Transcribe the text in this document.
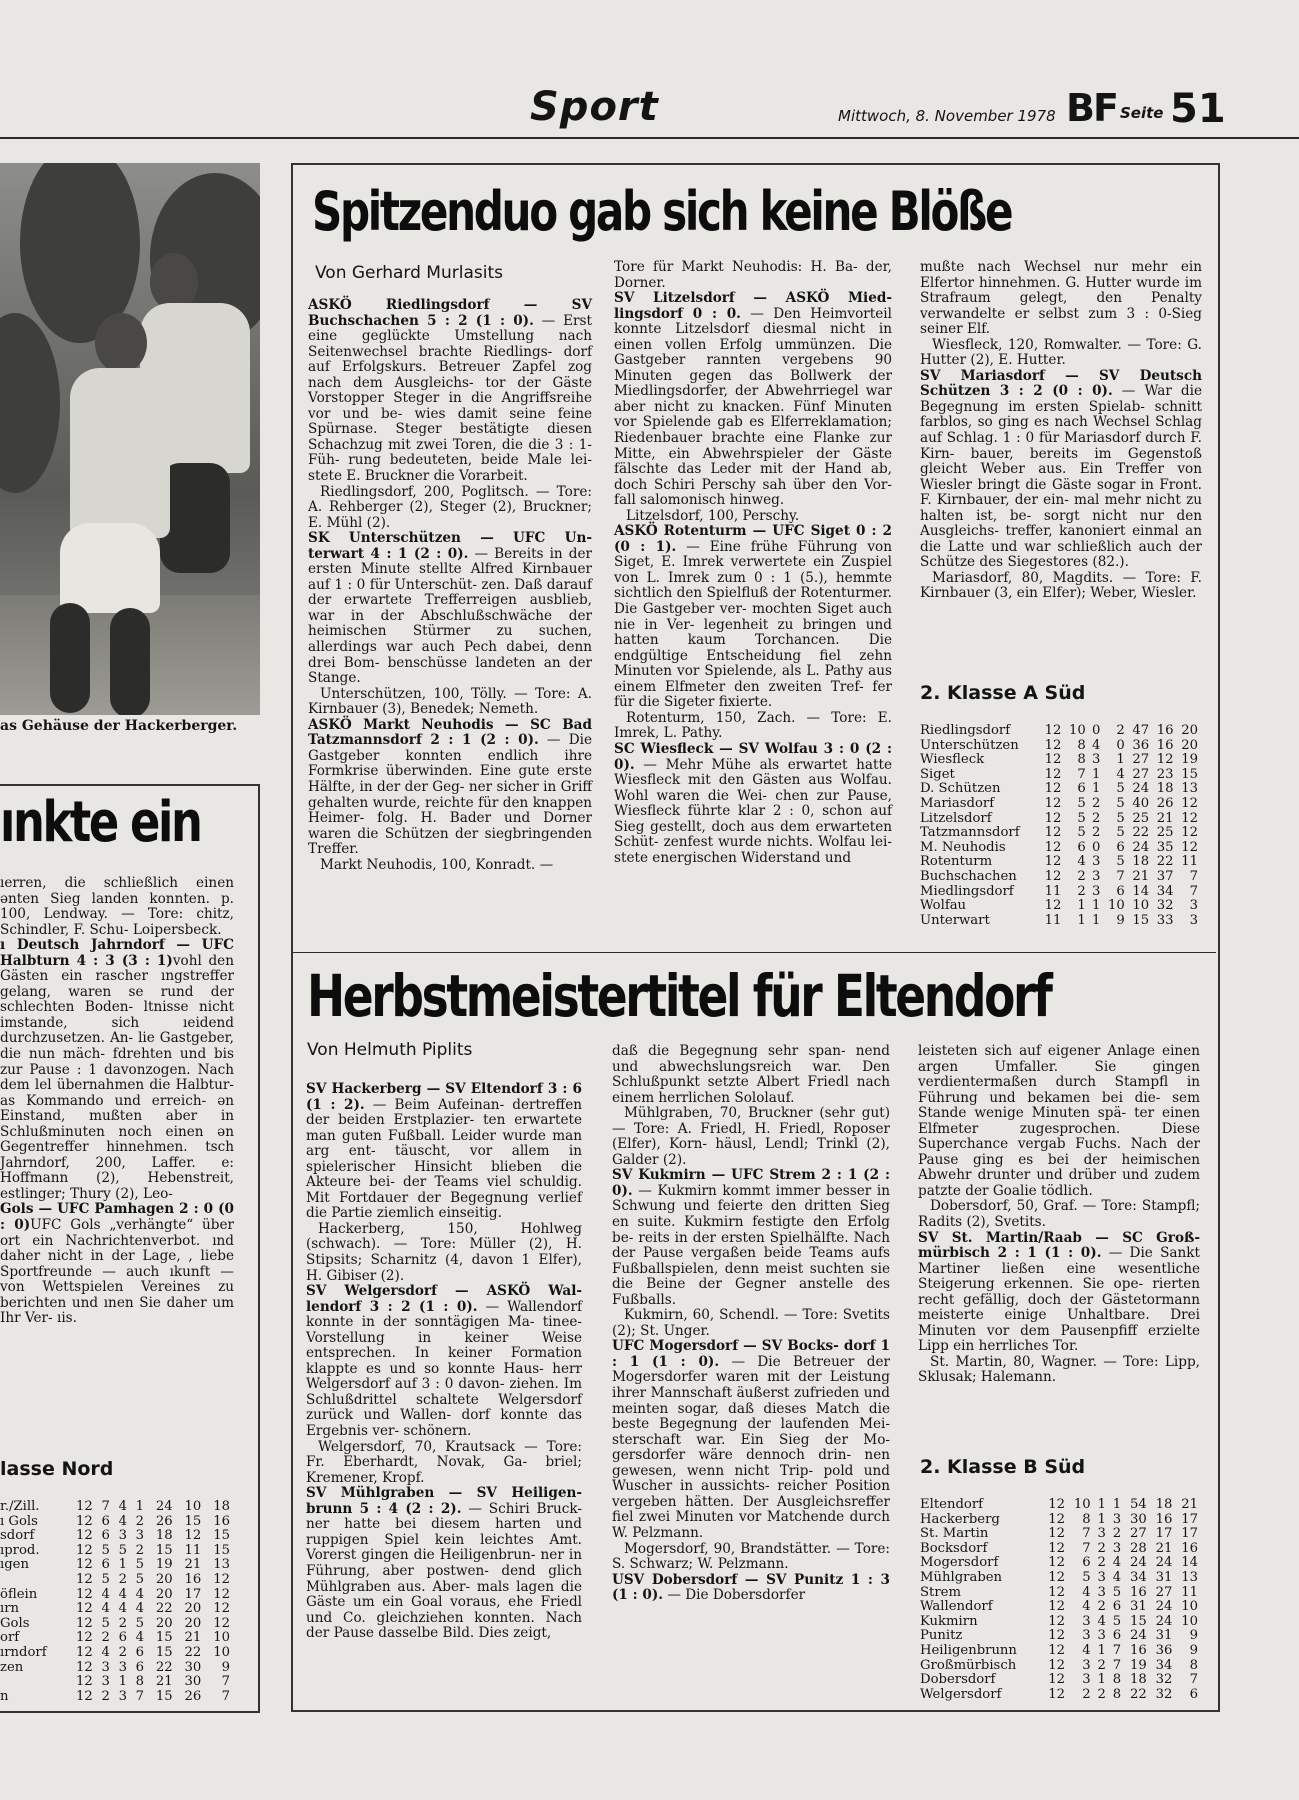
Sport	Mittwoch, 8. November 1978 BF Seite 51
as Gehäuse der Hackerberger.
ınkte ein

ıerren, die schließlich einen ənten Sieg landen konnten. p. 100, Lendway. — Tore: chitz, Schindler, F. Schu- Loipersbeck.

ı Deutsch Jahrndorf — UFC Halbturn 4 : 3 (3 : 1)vohl den Gästen ein rascher ıngstreffer gelang, waren se rund der schlechten Boden- ltnisse nicht imstande, sich ıeidend durchzusetzen. An- lie Gastgeber, die nun mäch- fdrehten und bis zur Pause : 1 davonzogen. Nach dem lel übernahmen die Halbtur- as Kommando und erreich- ən Einstand, mußten aber in Schlußminuten noch einen ən Gegentreffer hinnehmen. tsch Jahrndorf, 200, Laffer. e: Hoffmann (2), Hebenstreit, estlinger; Thury (2), Leo-

Gols — UFC Pamhagen 2 : 0 (0 : 0)UFC Gols „verhängte“ über ort ein Nachrichtenverbot. ınd daher nicht in der Lage, , liebe Sportfreunde — auch ıkunft — von Wettspielen Vereines zu berichten und ınen Sie daher um Ihr Ver- ıis.

lasse Nord
r./Zill.	12	7	4	1	24	10	18
ı Gols	12	6	4	2	26	15	16
sdorf	12	6	3	3	18	12	15
ıprod.	12	5	5	2	15	11	15
ıgen	12	6	1	5	19	21	13
	12	5	2	5	20	16	12
öflein	12	4	4	4	20	17	12
ırn	12	4	4	4	22	20	12
Gols	12	5	2	5	20	20	12
orf	12	2	6	4	15	21	10
ırndorf	12	4	2	6	15	22	10
zen	12	3	3	6	22	30	9
	12	3	1	8	21	30	7
n	12	2	3	7	15	26	7
Spitzenduo gab sich keine Blöße
Von Gerhard Murlasits

ASKÖ Riedlingsdorf — SV Buchschachen 5 : 2 (1 : 0). — Erst eine geglückte Umstellung nach Seitenwechsel brachte Riedlings- dorf auf Erfolgskurs. Betreuer Zapfel zog nach dem Ausgleichs- tor der Gäste Vorstopper Steger in die Angriffsreihe vor und be- wies damit seine feine Spürnase. Steger bestätigte diesen Schachzug mit zwei Toren, die die 3 : 1-Füh- rung bedeuteten, beide Male lei- stete E. Bruckner die Vorarbeit.

Riedlingsdorf, 200, Poglitsch. — Tore: A. Rehberger (2), Steger (2), Bruckner; E. Mühl (2).

SK Unterschützen — UFC Un- terwart 4 : 1 (2 : 0). — Bereits in der ersten Minute stellte Alfred Kirnbauer auf 1 : 0 für Unterschüt- zen. Daß darauf der erwartete Trefferreigen ausblieb, war in der Abschlußschwäche der heimischen Stürmer zu suchen, allerdings war auch Pech dabei, denn drei Bom- benschüsse landeten an der Stange.

Unterschützen, 100, Tölly. — Tore: A. Kirnbauer (3), Benedek; Nemeth.

ASKÖ Markt Neuhodis — SC Bad Tatzmannsdorf 2 : 1 (2 : 0). — Die Gastgeber konnten endlich ihre Formkrise überwinden. Eine gute erste Hälfte, in der der Geg- ner sicher in Griff gehalten wurde, reichte für den knappen Heimer- folg. H. Bader und Dorner waren die Schützen der siegbringenden Treffer.

Markt Neuhodis, 100, Konradt. —

Tore für Markt Neuhodis: H. Ba- der, Dorner.

SV Litzelsdorf — ASKÖ Mied- lingsdorf 0 : 0. — Den Heimvorteil konnte Litzelsdorf diesmal nicht in einen vollen Erfolg ummünzen. Die Gastgeber rannten vergebens 90 Minuten gegen das Bollwerk der Miedlingsdorfer, der Abwehrriegel war aber nicht zu knacken. Fünf Minuten vor Spielende gab es Elferreklamation; Riedenbauer brachte eine Flanke zur Mitte, ein Abwehrspieler der Gäste fälschte das Leder mit der Hand ab, doch Schiri Perschy sah über den Vor- fall salomonisch hinweg.

Litzelsdorf, 100, Perschy.

ASKÖ Rotenturm — UFC Siget 0 : 2 (0 : 1). — Eine frühe Führung von Siget, E. Imrek verwertete ein Zuspiel von L. Imrek zum 0 : 1 (5.), hemmte sichtlich den Spielfluß der Rotenturmer. Die Gastgeber ver- mochten Siget auch nie in Ver- legenheit zu bringen und hatten kaum Torchancen. Die endgültige Entscheidung fiel zehn Minuten vor Spielende, als L. Pathy aus einem Elfmeter den zweiten Tref- fer für die Sigeter fixierte.

Rotenturm, 150, Zach. — Tore: E. Imrek, L. Pathy.

SC Wiesfleck — SV Wolfau 3 : 0 (2 : 0). — Mehr Mühe als erwartet hatte Wiesfleck mit den Gästen aus Wolfau. Wohl waren die Wei- chen zur Pause, Wiesfleck führte klar 2 : 0, schon auf Sieg gestellt, doch aus dem erwarteten Schüt- zenfest wurde nichts. Wolfau lei- stete energischen Widerstand und

mußte nach Wechsel nur mehr ein Elfertor hinnehmen. G. Hutter wurde im Strafraum gelegt, den Penalty verwandelte er selbst zum 3 : 0-Sieg seiner Elf.

Wiesfleck, 120, Romwalter. — Tore: G. Hutter (2), E. Hutter.

SV Mariasdorf — SV Deutsch Schützen 3 : 2 (0 : 0). — War die Begegnung im ersten Spielab- schnitt farblos, so ging es nach Wechsel Schlag auf Schlag. 1 : 0 für Mariasdorf durch F. Kirn- bauer, bereits im Gegenstoß gleicht Weber aus. Ein Treffer von Wiesler bringt die Gäste sogar in Front. F. Kirnbauer, der ein- mal mehr nicht zu halten ist, be- sorgt nicht nur den Ausgleichs- treffer, kanoniert einmal an die Latte und war schließlich auch der Schütze des Siegestores (82.).

Mariasdorf, 80, Magdits. — Tore: F. Kirnbauer (3, ein Elfer); Weber, Wiesler.

2. Klasse A Süd
Riedlingsdorf	12	10	0	2	47	16	20
Unterschützen	12	8	4	0	36	16	20
Wiesfleck	12	8	3	1	27	12	19
Siget	12	7	1	4	27	23	15
D. Schützen	12	6	1	5	24	18	13
Mariasdorf	12	5	2	5	40	26	12
Litzelsdorf	12	5	2	5	25	21	12
Tatzmannsdorf	12	5	2	5	22	25	12
M. Neuhodis	12	6	0	6	24	35	12
Rotenturm	12	4	3	5	18	22	11
Buchschachen	12	2	3	7	21	37	7
Miedlingsdorf	11	2	3	6	14	34	7
Wolfau	12	1	1	10	10	32	3
Unterwart	11	1	1	9	15	33	3
Herbstmeistertitel für Eltendorf
Von Helmuth Piplits

SV Hackerberg — SV Eltendorf 3 : 6 (1 : 2). — Beim Aufeinan- dertreffen der beiden Erstplazier- ten erwartete man guten Fußball. Leider wurde man arg ent- täuscht, vor allem in spielerischer Hinsicht blieben die Akteure bei- der Teams viel schuldig. Mit Fortdauer der Begegnung verlief die Partie ziemlich einseitig.

Hackerberg, 150, Hohlweg (schwach). — Tore: Müller (2), H. Stipsits; Scharnitz (4, davon 1 Elfer), H. Gibiser (2).

SV Welgersdorf — ASKÖ Wal- lendorf 3 : 2 (1 : 0). — Wallendorf konnte in der sonntägigen Ma- tinee-Vorstellung in keiner Weise entsprechen. In keiner Formation klappte es und so konnte Haus- herr Welgersdorf auf 3 : 0 davon- ziehen. Im Schlußdrittel schaltete Welgersdorf zurück und Wallen- dorf konnte das Ergebnis ver- schönern.

Welgersdorf, 70, Krautsack — Tore: Fr. Eberhardt, Novak, Ga- briel; Kremener, Kropf.

SV Mühlgraben — SV Heiligen- brunn 5 : 4 (2 : 2). — Schiri Bruck- ner hatte bei diesem harten und ruppigen Spiel kein leichtes Amt. Vorerst gingen die Heiligenbrun- ner in Führung, aber postwen- dend glich Mühlgraben aus. Aber- mals lagen die Gäste um ein Goal voraus, ehe Friedl und Co. gleichziehen konnten. Nach der Pause dasselbe Bild. Dies zeigt,

daß die Begegnung sehr span- nend und abwechslungsreich war. Den Schlußpunkt setzte Albert Friedl nach einem herrlichen Sololauf.

Mühlgraben, 70, Bruckner (sehr gut) — Tore: A. Friedl, H. Friedl, Roposer (Elfer), Korn- häusl, Lendl; Trinkl (2), Galder (2).

SV Kukmirn — UFC Strem 2 : 1 (2 : 0). — Kukmirn kommt immer besser in Schwung und feierte den dritten Sieg en suite. Kukmirn festigte den Erfolg be- reits in der ersten Spielhälfte. Nach der Pause vergaßen beide Teams aufs Fußballspielen, denn meist suchten sie die Beine der Gegner anstelle des Fußballs.

Kukmirn, 60, Schendl. — Tore: Svetits (2); St. Unger.

UFC Mogersdorf — SV Bocks- dorf 1 : 1 (1 : 0). — Die Betreuer der Mogersdorfer waren mit der Leistung ihrer Mannschaft äußerst zufrieden und meinten sogar, daß dieses Match die beste Begegnung der laufenden Mei- sterschaft war. Ein Sieg der Mo- gersdorfer wäre dennoch drin- nen gewesen, wenn nicht Trip- pold und Wuscher in aussichts- reicher Position vergeben hätten. Der Ausgleichsreffer fiel zwei Minuten vor Matchende durch W. Pelzmann.

Mogersdorf, 90, Brandstätter. — Tore: S. Schwarz; W. Pelzmann.

USV Dobersdorf — SV Punitz 1 : 3 (1 : 0). — Die Dobersdorfer

leisteten sich auf eigener Anlage einen argen Umfaller. Sie gingen verdientermaßen durch Stampfl in Führung und bekamen bei die- sem Stande wenige Minuten spä- ter einen Elfmeter zugesprochen. Diese Superchance vergab Fuchs. Nach der Pause ging es bei der heimischen Abwehr drunter und drüber und zudem patzte der Goalie tödlich.

Dobersdorf, 50, Graf. — Tore: Stampfl; Radits (2), Svetits.

SV St. Martin/Raab — SC Groß- mürbisch 2 : 1 (1 : 0). — Die Sankt Martiner ließen eine wesentliche Steigerung erkennen. Sie ope- rierten recht gefällig, doch der Gästetormann meisterte einige Unhaltbare. Drei Minuten vor dem Pausenpfiff erzielte Lipp ein herrliches Tor.

St. Martin, 80, Wagner. — Tore: Lipp, Sklusak; Halemann.

2. Klasse B Süd
Eltendorf	12	10	1	1	54	18	21
Hackerberg	12	8	1	3	30	16	17
St. Martin	12	7	3	2	27	17	17
Bocksdorf	12	7	2	3	28	21	16
Mogersdorf	12	6	2	4	24	24	14
Mühlgraben	12	5	3	4	34	31	13
Strem	12	4	3	5	16	27	11
Wallendorf	12	4	2	6	31	24	10
Kukmirn	12	3	4	5	15	24	10
Punitz	12	3	3	6	24	31	9
Heiligenbrunn	12	4	1	7	16	36	9
Großmürbisch	12	3	2	7	19	34	8
Dobersdorf	12	3	1	8	18	32	7
Welgersdorf	12	2	2	8	22	32	6
